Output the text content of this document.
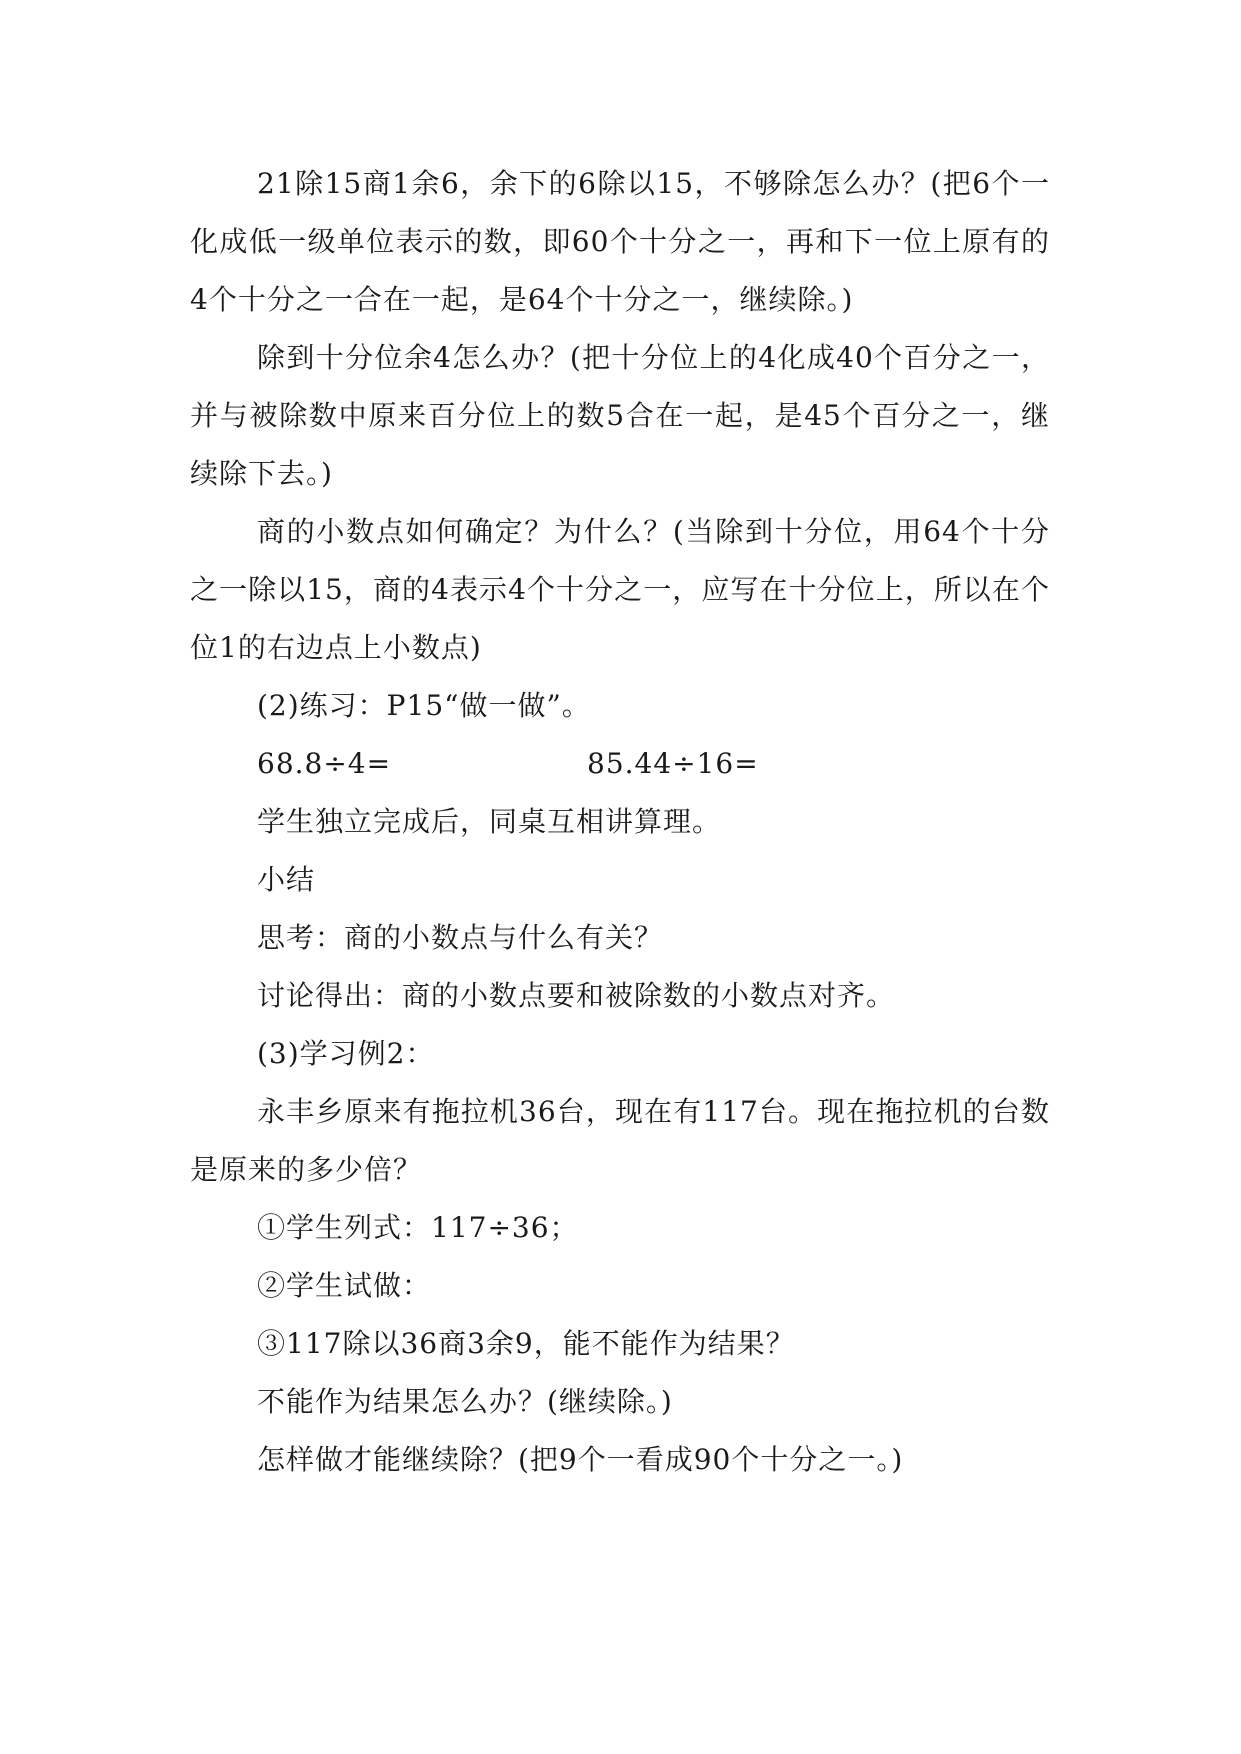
21除15商1余6，余下的6除以15，不够除怎么办？(把6个一化成低一级单位表示的数，即60个十分之一，再和下一位上原有的4个十分之一合在一起，是64个十分之一，继续除。)

除到十分位余4怎么办？(把十分位上的4化成40个百分之一，并与被除数中原来百分位上的数5合在一起，是45个百分之一，继续除下去。)

商的小数点如何确定？为什么？(当除到十分位，用64个十分之一除以15，商的4表示4个十分之一，应写在十分位上，所以在个位1的右边点上小数点)

(2)练习：P15“做一做”。

68.8÷4=	85.44÷16=

学生独立完成后，同桌互相讲算理。

小结

思考：商的小数点与什么有关？

讨论得出：商的小数点要和被除数的小数点对齐。

(3)学习例2：

永丰乡原来有拖拉机36台，现在有117台。现在拖拉机的台数是原来的多少倍？

①学生列式：117÷36；

②学生试做：

③117除以36商3余9，能不能作为结果？

不能作为结果怎么办？(继续除。)

怎样做才能继续除？(把9个一看成90个十分之一。)
